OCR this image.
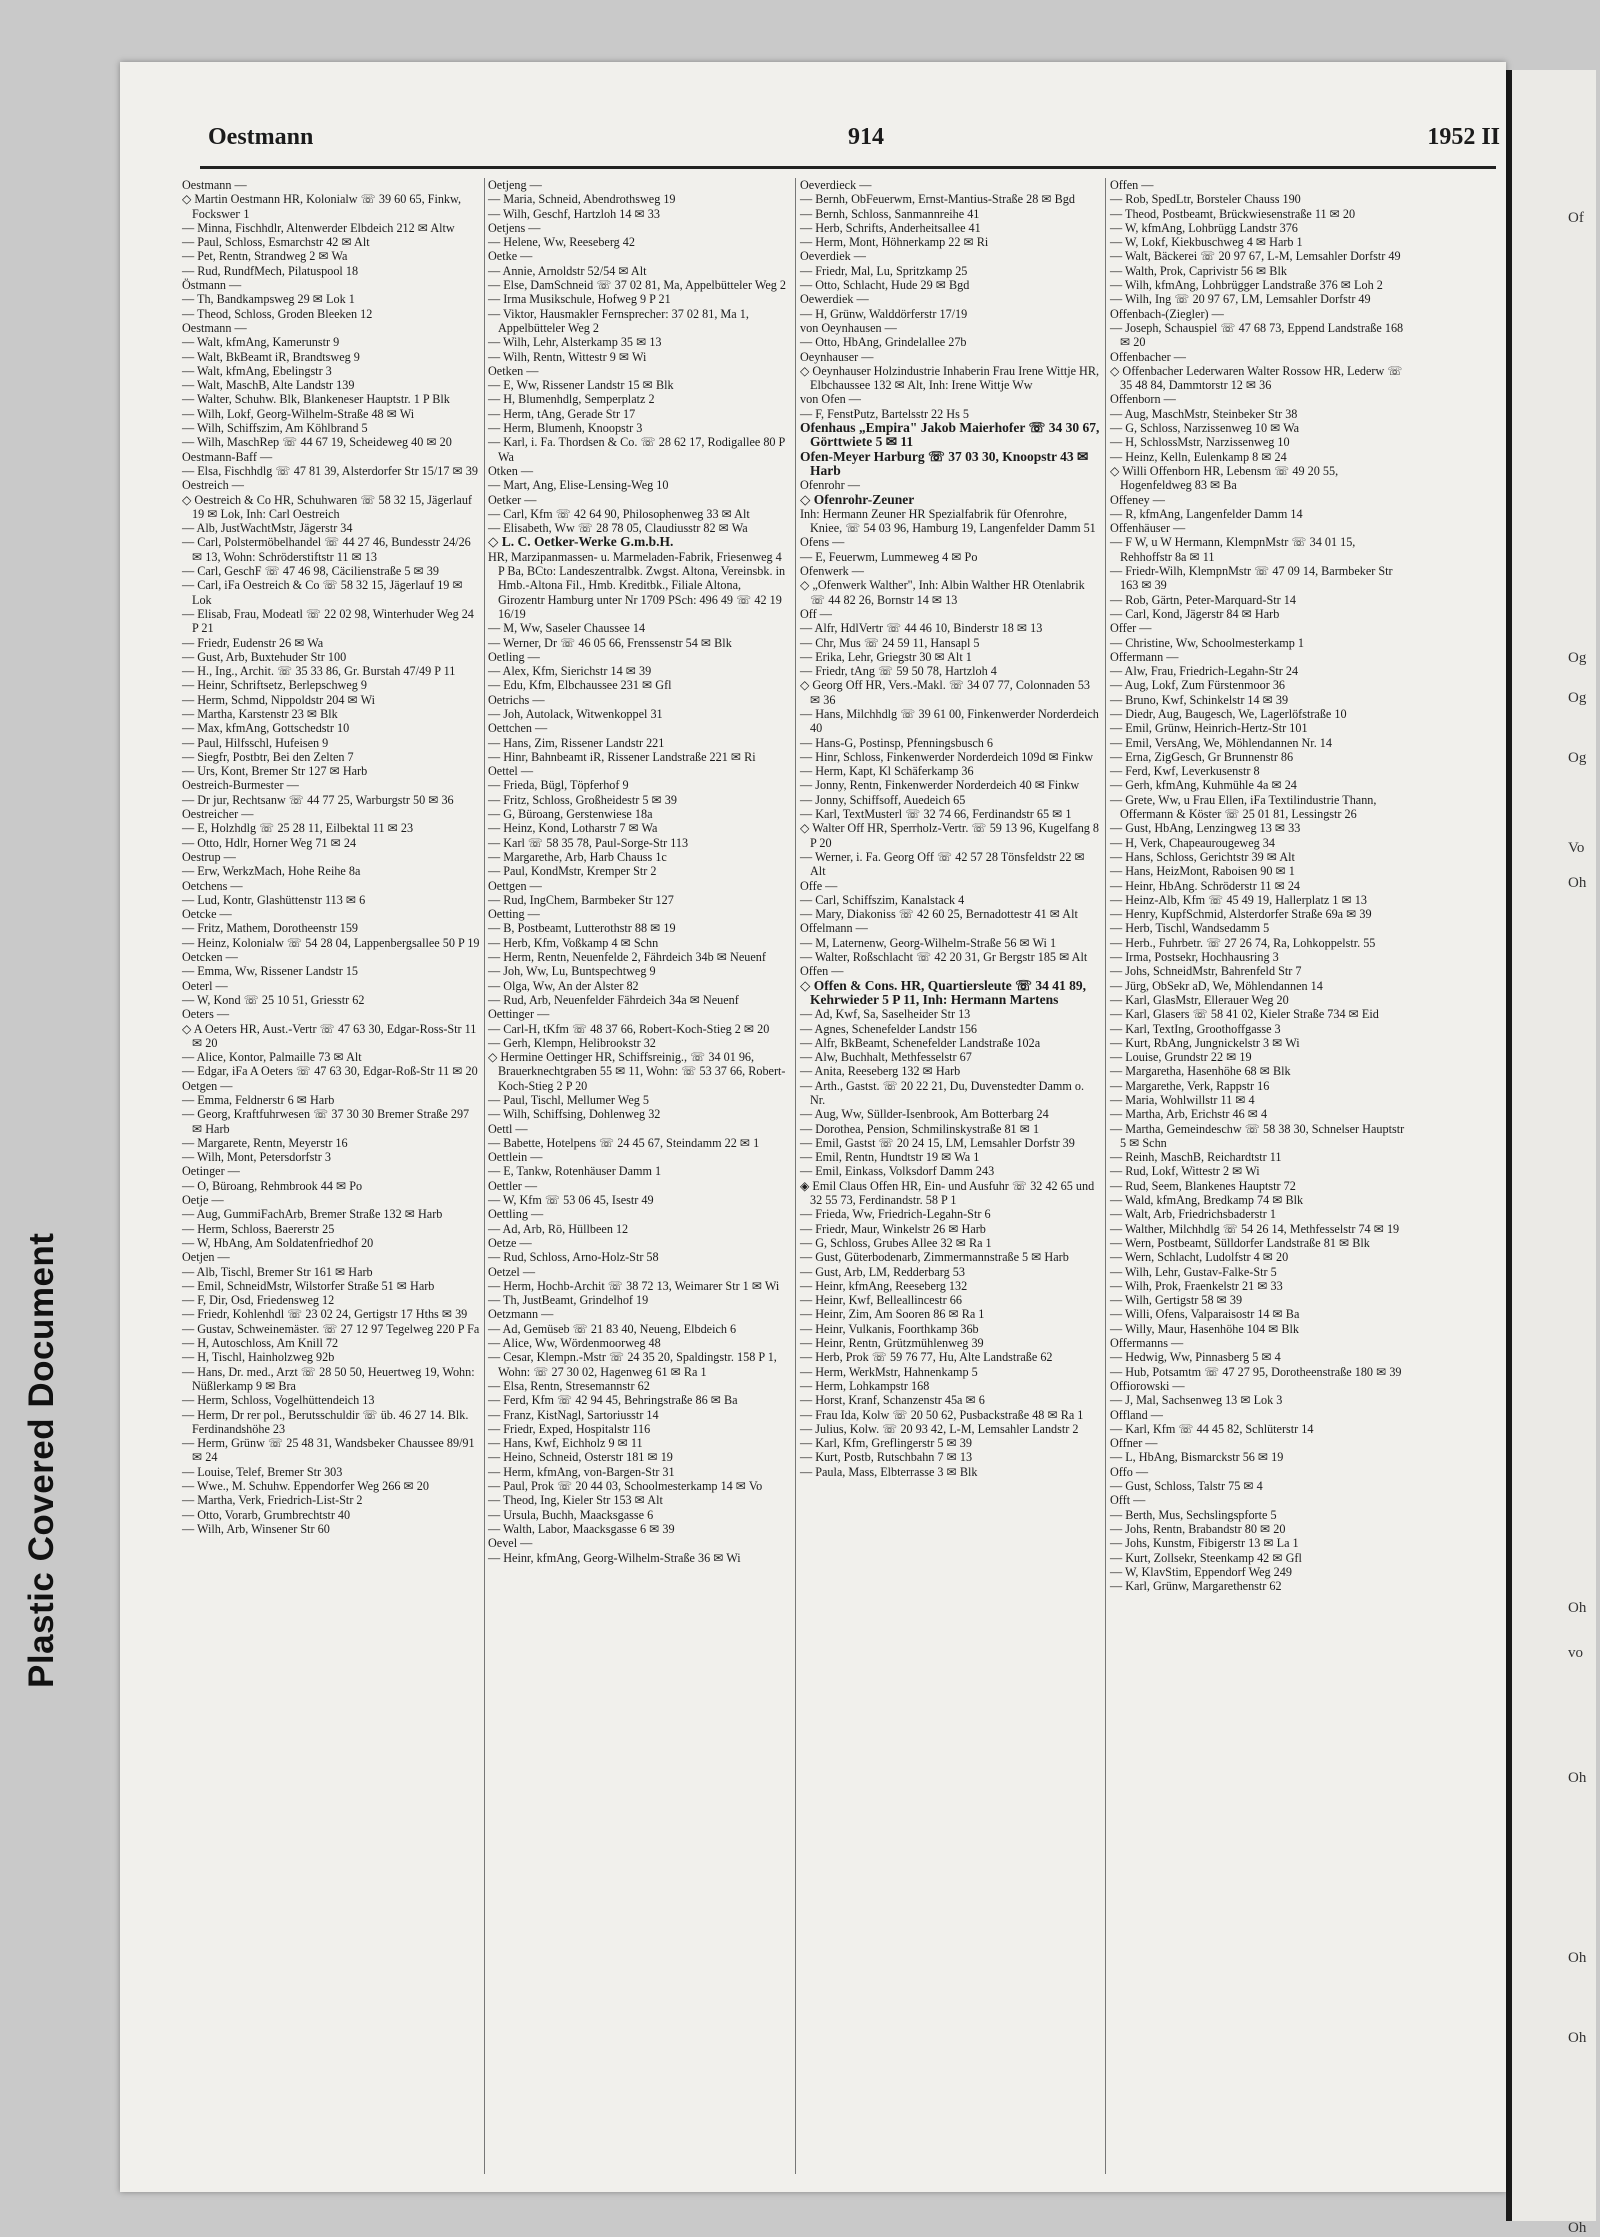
Plastic Covered Document
Of
Og
Og
Og
Vo
Oh
Oh
vo
Oh
Oh
Oh
Oh
Oestmann	914	1952 II

Oestmann —

◇ Martin Oestmann HR, Kolonialw ☏ 39 60 65, Finkw, Fockswег 1

— Minna, Fischhdlr, Altenwerder Elbdeich 212 ✉ Altw

— Paul, Schloss, Esmarchstr 42 ✉ Alt

— Pet, Rentn, Strandweg 2 ✉ Wa

— Rud, RundfMech, Pilatuspool 18

Östmann —

— Th, Bandkampsweg 29 ✉ Lok 1

— Theod, Schloss, Groden Bleeken 12

Oestmann —

— Walt, kfmAng, Kamerunstr 9

— Walt, BkBeamt iR, Brandtsweg 9

— Walt, kfmAng, Ebelingstr 3

— Walt, MaschB, Alte Landstr 139

— Walter, Schuhw. Blk, Blankeneser Hauptstr. 1 P Blk

— Wilh, Lokf, Georg-Wilhelm-Straße 48 ✉ Wi

— Wilh, Schiffszim, Am Köhlbrand 5

— Wilh, MaschRep ☏ 44 67 19, Scheideweg 40 ✉ 20

Oestmann-Baff —

— Elsa, Fischhdlg ☏ 47 81 39, Alsterdorfer Str 15/17 ✉ 39

Oestreich —

◇ Oestreich & Co HR, Schuhwaren ☏ 58 32 15, Jägerlauf 19 ✉ Lok, Inh: Carl Oestreich

— Alb, JustWachtMstr, Jägerstr 34

— Carl, Polstermöbelhandel ☏ 44 27 46, Bundesstr 24/26 ✉ 13, Wohn: Schröderstiftstr 11 ✉ 13

— Carl, GeschF ☏ 47 46 98, Cäcilienstraße 5 ✉ 39

— Carl, iFa Oestreich & Co ☏ 58 32 15, Jägerlauf 19 ✉ Lok

— Elisab, Frau, Modeatl ☏ 22 02 98, Winterhuder Weg 24 P 21

— Friedr, Eudenstr 26 ✉ Wa

— Gust, Arb, Buxtehuder Str 100

— H., Ing., Archit. ☏ 35 33 86, Gr. Burstah 47/49 P 11

— Heinr, Schriftsetz, Berlepschweg 9

— Herm, Schmd, Nippoldstr 204 ✉ Wi

— Martha, Karstenstr 23 ✉ Blk

— Max, kfmAng, Gottschedstr 10

— Paul, Hilfsschl, Hufeisen 9

— Siegfr, Postbtr, Bei den Zelten 7

— Urs, Kont, Bremer Str 127 ✉ Harb

Oestreich-Burmester —

— Dr jur, Rechtsanw ☏ 44 77 25, Warburgstr 50 ✉ 36

Oestreicher —

— E, Holzhdlg ☏ 25 28 11, Eilbektal 11 ✉ 23

— Otto, Hdlr, Horner Weg 71 ✉ 24

Oestrup —

— Erw, WerkzMach, Hohe Reihe 8a

Oetchens —

— Lud, Kontr, Glashüttenstr 113 ✉ 6

Oetcke —

— Fritz, Mathem, Dorotheenstr 159

— Heinz, Kolonialw ☏ 54 28 04, Lappenbergsallee 50 P 19

Oetcken —

— Emma, Ww, Rissener Landstr 15

Oeterl —

— W, Kond ☏ 25 10 51, Griesstr 62

Oeters —

◇ A Oeters HR, Aust.-Vertr ☏ 47 63 30, Edgar-Ross-Str 11 ✉ 20

— Alice, Kontor, Palmaille 73 ✉ Alt

— Edgar, iFa A Oeters ☏ 47 63 30, Edgar-Roß-Str 11 ✉ 20

Oetgen —

— Emma, Feldnerstr 6 ✉ Harb

— Georg, Kraftfuhrwesen ☏ 37 30 30 Bremer Straße 297 ✉ Harb

— Margarete, Rentn, Meyerstr 16

— Wilh, Mont, Petersdorfstr 3

Oetinger —

— O, Büroang, Rehmbrook 44 ✉ Po

Oetje —

— Aug, GummiFachArb, Bremer Straße 132 ✉ Harb

— Herm, Schloss, Baererstr 25

— W, HbAng, Am Soldatenfriedhof 20

Oetjen —

— Alb, Tischl, Bremer Str 161 ✉ Harb

— Emil, SchneidMstr, Wilstorfer Straße 51 ✉ Harb

— F, Dir, Osd, Friedensweg 12

— Friedr, Kohlenhdl ☏ 23 02 24, Gertigstr 17 Hths ✉ 39

— Gustav, Schweinemäster. ☏ 27 12 97 Tegelweg 220 P Fa

— H, Autoschloss, Am Knill 72

— H, Tischl, Hainholzweg 92b

— Hans, Dr. med., Arzt ☏ 28 50 50, Heuertweg 19, Wohn: Nüßlerkamp 9 ✉ Bra

— Herm, Schloss, Vogelhüttendeich 13

— Herm, Dr rer pol., Berutsschuldir ☏ üb. 46 27 14. Blk. Ferdinandshöhe 23

— Herm, Grünw ☏ 25 48 31, Wandsbeker Chaussee 89/91 ✉ 24

— Louise, Telef, Bremer Str 303

— Wwe., M. Schuhw. Eppendorfer Weg 266 ✉ 20

— Martha, Verk, Friedrich-List-Str 2

— Otto, Vorarb, Grumbrechtstr 40

— Wilh, Arb, Winsener Str 60

Oetjeng —

— Maria, Schneid, Abendrothsweg 19

— Wilh, Geschf, Hartzloh 14 ✉ 33

Oetjens —

— Helene, Ww, Reeseberg 42

Oetke —

— Annie, Arnoldstr 52/54 ✉ Alt

— Else, DamSchneid ☏ 37 02 81, Ma, Appelbütteler Weg 2

— Irma Musikschule, Hofweg 9 P 21

— Viktor, Hausmakler Fernsprecher: 37 02 81, Ma 1, Appelbütteler Weg 2

— Wilh, Lehr, Alsterkamp 35 ✉ 13

— Wilh, Rentn, Wittestr 9 ✉ Wi

Oetken —

— E, Ww, Rissener Landstr 15 ✉ Blk

— H, Blumenhdlg, Semperplatz 2

— Herm, tAng, Gerade Str 17

— Herm, Blumenh, Knoopstr 3

— Karl, i. Fa. Thordsen & Co. ☏ 28 62 17, Rodigallee 80 P Wa

Otken —

— Mart, Ang, Elise-Lensing-Weg 10

Oetker —

— Carl, Kfm ☏ 42 64 90, Philosophenweg 33 ✉ Alt

— Elisabeth, Ww ☏ 28 78 05, Claudiusstr 82 ✉ Wa

◇ L. C. Oetker-Werke G.m.b.H.

HR, Marzipanmassen- u. Marmeladen-Fabrik, Friesenweg 4 P Ba, BCto: Landeszentralbk. Zwgst. Altona, Vereinsbk. in Hmb.-Altona Fil., Hmb. Kreditbk., Filiale Altona, Girozentr Hamburg unter Nr 1709 PSch: 496 49 ☏ 42 19 16/19

— M, Ww, Saseler Chaussee 14

— Werner, Dr ☏ 46 05 66, Frenssenstr 54 ✉ Blk

Oetling —

— Alex, Kfm, Sierichstr 14 ✉ 39

— Edu, Kfm, Elbchaussee 231 ✉ Gfl

Oetrichs —

— Joh, Autolack, Witwenkoppel 31

Oettchen —

— Hans, Zim, Rissener Landstr 221

— Hinr, Bahnbeamt iR, Rissener Landstraße 221 ✉ Ri

Oettel —

— Frieda, Bügl, Töpferhof 9

— Fritz, Schloss, Großheidestr 5 ✉ 39

— G, Büroang, Gerstenwiese 18a

— Heinz, Kond, Lotharstr 7 ✉ Wa

— Karl ☏ 58 35 78, Paul-Sorge-Str 113

— Margarethe, Arb, Harb Chauss 1c

— Paul, KondMstr, Kremper Str 2

Oettgen —

— Rud, IngChem, Barmbeker Str 127

Oetting —

— B, Postbeamt, Lutterothstr 88 ✉ 19

— Herb, Kfm, Voßkamp 4 ✉ Schn

— Herm, Rentn, Neuenfelde 2, Fährdeich 34b ✉ Neuenf

— Joh, Ww, Lu, Buntspechtweg 9

— Olga, Ww, An der Alster 82

— Rud, Arb, Neuenfelder Fährdeich 34a ✉ Neuenf

Oettinger —

— Carl-H, tKfm ☏ 48 37 66, Robert-Koch-Stieg 2 ✉ 20

— Gerh, Klempn, Helibrookstr 32

◇ Hermine Oettinger HR, Schiffsreinig., ☏ 34 01 96, Brauerknechtgraben 55 ✉ 11, Wohn: ☏ 53 37 66, Robert-Koch-Stieg 2 P 20

— Paul, Tischl, Mellumer Weg 5

— Wilh, Schiffsing, Dohlenweg 32

Oettl —

— Babette, Hotelpens ☏ 24 45 67, Steindamm 22 ✉ 1

Oettlein —

— E, Tankw, Rotenhäuser Damm 1

Oettler —

— W, Kfm ☏ 53 06 45, Isestr 49

Oettling —

— Ad, Arb, Rö, Hüllbeen 12

Oetze —

— Rud, Schloss, Arno-Holz-Str 58

Oetzel —

— Herm, Hochb-Archit ☏ 38 72 13, Weimarer Str 1 ✉ Wi

— Th, JustBeamt, Grindelhof 19

Oetzmann —

— Ad, Gemüseb ☏ 21 83 40, Neueng, Elbdeich 6

— Alice, Ww, Wördenmoorweg 48

— Cesar, Klempn.-Mstr ☏ 24 35 20, Spaldingstr. 158 P 1, Wohn: ☏ 27 30 02, Hagenweg 61 ✉ Ra 1

— Elsa, Rentn, Stresemannstr 62

— Ferd, Kfm ☏ 42 94 45, Behringstraße 86 ✉ Ba

— Franz, KistNagl, Sartoriusstr 14

— Friedr, Exped, Hospitalstr 116

— Hans, Kwf, Eichholz 9 ✉ 11

— Heino, Schneid, Osterstr 181 ✉ 19

— Herm, kfmAng, von-Bargen-Str 31

— Paul, Prok ☏ 20 44 03, Schoolmesterkamp 14 ✉ Vo

— Theod, Ing, Kieler Str 153 ✉ Alt

— Ursula, Buchh, Maacksgasse 6

— Walth, Labor, Maacksgasse 6 ✉ 39

Oevel —

— Heinr, kfmAng, Georg-Wilhelm-Straße 36 ✉ Wi

Oeverdieck —

— Bernh, ObFeuerwm, Ernst-Mantius-Straße 28 ✉ Bgd

— Bernh, Schloss, Sanmannreihe 41

— Herb, Schrifts, Anderheitsallee 41

— Herm, Mont, Höhnerkamp 22 ✉ Ri

Oeverdiek —

— Friedr, Mal, Lu, Spritzkamp 25

— Otto, Schlacht, Hude 29 ✉ Bgd

Oewerdiek —

— H, Grünw, Walddörferstr 17/19

von Oeynhausen —

— Otto, HbAng, Grindelallee 27b

Oeynhauser —

◇ Oeynhauser Holzindustrie Inhaberin Frau Irene Wittje HR, Elbchaussee 132 ✉ Alt, Inh: Irene Wittje Ww

von Ofen —

— F, FenstPutz, Bartelsstr 22 Hs 5

Ofenhaus „Empira" Jakob Maierhofer ☏ 34 30 67, Görttwiete 5 ✉ 11

Ofen-Meyer Harburg ☏ 37 03 30, Knoopstr 43 ✉ Harb

Ofenrohr —

◇ Ofenrohr-Zeuner

Inh: Hermann Zeuner HR Spezialfabrik für Ofenrohre, Kniee, ☏ 54 03 96, Hamburg 19, Langenfelder Damm 51

Ofens —

— E, Feuerwm, Lummeweg 4 ✉ Po

Ofenwerk —

◇ „Ofenwerk Walther", Inh: Albin Walther HR Otenlabrik ☏ 44 82 26, Bornstr 14 ✉ 13

Off —

— Alfr, HdlVertr ☏ 44 46 10, Binderstr 18 ✉ 13

— Chr, Mus ☏ 24 59 11, Hansapl 5

— Erika, Lehr, Griegstr 30 ✉ Alt 1

— Friedr, tAng ☏ 59 50 78, Hartzloh 4

◇ Georg Off HR, Vers.-Makl. ☏ 34 07 77, Colonnaden 53 ✉ 36

— Hans, Milchhdlg ☏ 39 61 00, Finkenwerder Norderdeich 40

— Hans-G, Postinsp, Pfenningsbusch 6

— Hinr, Schloss, Finkenwerder Norderdeich 109d ✉ Finkw

— Herm, Kapt, Kl Schäferkamp 36

— Jonny, Rentn, Finkenwerder Norderdeich 40 ✉ Finkw

— Jonny, Schiffsoff, Auedeich 65

— Karl, TextMusterl ☏ 32 74 66, Ferdinandstr 65 ✉ 1

◇ Walter Off HR, Sperrholz-Vertr. ☏ 59 13 96, Kugelfang 8 P 20

— Werner, i. Fa. Georg Off ☏ 42 57 28 Tönsfeldstr 22 ✉ Alt

Offe —

— Carl, Schiffszim, Kanalstack 4

— Mary, Diakoniss ☏ 42 60 25, Bernadottestr 41 ✉ Alt

Offelmann —

— M, Laternenw, Georg-Wilhelm-Straße 56 ✉ Wi 1

— Walter, Roßschlacht ☏ 42 20 31, Gr Bergstr 185 ✉ Alt

Offen —

◇ Offen & Cons. HR, Quartiersleute ☏ 34 41 89, Kehrwieder 5 P 11, Inh: Hermann Martens

— Ad, Kwf, Sa, Saselheider Str 13

— Agnes, Schenefelder Landstr 156

— Alfr, BkBeamt, Schenefelder Landstraße 102a

— Alw, Buchhalt, Methfesselstr 67

— Anita, Reeseberg 132 ✉ Harb

— Arth., Gastst. ☏ 20 22 21, Du, Duvenstedter Damm o. Nr.

— Aug, Ww, Süllder-Isenbrook, Am Botterbarg 24

— Dorothea, Pension, Schmilinskystraße 81 ✉ 1

— Emil, Gastst ☏ 20 24 15, LM, Lemsahler Dorfstr 39

— Emil, Rentn, Hundtstr 19 ✉ Wa 1

— Emil, Einkass, Volksdorf Damm 243

◈ Emil Claus Offen HR, Ein- und Ausfuhr ☏ 32 42 65 und 32 55 73, Ferdinandstr. 58 P 1

— Frieda, Ww, Friedrich-Legahn-Str 6

— Friedr, Maur, Winkelstr 26 ✉ Harb

— G, Schloss, Grubes Allee 32 ✉ Ra 1

— Gust, Güterbodenarb, Zimmermannstraße 5 ✉ Harb

— Gust, Arb, LM, Redderbarg 53

— Heinr, kfmAng, Reeseberg 132

— Heinr, Kwf, Belleallincestr 66

— Heinr, Zim, Am Sooren 86 ✉ Ra 1

— Heinr, Vulkanis, Foorthkamp 36b

— Heinr, Rentn, Grützmühlenweg 39

— Herb, Prok ☏ 59 76 77, Hu, Alte Landstraße 62

— Herm, WerkMstr, Hahnenkamp 5

— Herm, Lohkampstr 168

— Horst, Kranf, Schanzenstr 45a ✉ 6

— Frau Ida, Kolw ☏ 20 50 62, Pusbackstraße 48 ✉ Ra 1

— Julius, Kolw. ☏ 20 93 42, L-M, Lemsahler Landstr 2

— Karl, Kfm, Greflingerstr 5 ✉ 39

— Kurt, Postb, Rutschbahn 7 ✉ 13

— Paula, Mass, Elbterrasse 3 ✉ Blk

Offen —

— Rob, SpedLtr, Borsteler Chauss 190

— Theod, Postbeamt, Brückwiesenstraße 11 ✉ 20

— W, kfmAng, Lohbrügg Landstr 376

— W, Lokf, Kiekbuschweg 4 ✉ Harb 1

— Walt, Bäckerei ☏ 20 97 67, L-M, Lemsahler Dorfstr 49

— Walth, Prok, Caprivistr 56 ✉ Blk

— Wilh, kfmAng, Lohbrügger Landstraße 376 ✉ Loh 2

— Wilh, Ing ☏ 20 97 67, LM, Lemsahler Dorfstr 49

Offenbach-(Ziegler) —

— Joseph, Schauspiel ☏ 47 68 73, Eppend Landstraße 168 ✉ 20

Offenbacher —

◇ Offenbacher Lederwaren Walter Rossow HR, Lederw ☏ 35 48 84, Dammtorstr 12 ✉ 36

Offenborn —

— Aug, MaschMstr, Steinbeker Str 38

— G, Schloss, Narzissenweg 10 ✉ Wa

— H, SchlossMstr, Narzissenweg 10

— Heinz, Kelln, Eulenkamp 8 ✉ 24

◇ Willi Offenborn HR, Lebensm ☏ 49 20 55, Hogenfeldweg 83 ✉ Ba

Offeney —

— R, kfmAng, Langenfelder Damm 14

Offenhäuser —

— F W, u W Hermann, KlempnMstr ☏ 34 01 15, Rehhoffstr 8a ✉ 11

— Friedr-Wilh, KlempnMstr ☏ 47 09 14, Barmbeker Str 163 ✉ 39

— Rob, Gärtn, Peter-Marquard-Str 14

— Carl, Kond, Jägerstr 84 ✉ Harb

Offer —

— Christine, Ww, Schoolmesterkamp 1

Offermann —

— Alw, Frau, Friedrich-Legahn-Str 24

— Aug, Lokf, Zum Fürstenmoor 36

— Bruno, Kwf, Schinkelstr 14 ✉ 39

— Diedr, Aug, Baugesch, We, Lagerlöfstraße 10

— Emil, Grünw, Heinrich-Hertz-Str 101

— Emil, VersAng, We, Möhlendannen Nr. 14

— Erna, ZigGesch, Gr Brunnenstr 86

— Ferd, Kwf, Leverkusenstr 8

— Gerh, kfmAng, Kuhmühle 4a ✉ 24

— Grete, Ww, u Frau Ellen, iFa Textilindustrie Thann, Offermann & Köster ☏ 25 01 81, Lessingstr 26

— Gust, HbAng, Lenzingweg 13 ✉ 33

— H, Verk, Chapeaurougeweg 34

— Hans, Schloss, Gerichtstr 39 ✉ Alt

— Hans, HeizMont, Raboisen 90 ✉ 1

— Heinr, HbAng. Schröderstr 11 ✉ 24

— Heinz-Alb, Kfm ☏ 45 49 19, Hallerplatz 1 ✉ 13

— Henry, KupfSchmid, Alsterdorfer Straße 69a ✉ 39

— Herb, Tischl, Wandsedamm 5

— Herb., Fuhrbetr. ☏ 27 26 74, Ra, Lohkoppelstr. 55

— Irma, Postsekr, Hochhausring 3

— Johs, SchneidMstr, Bahrenfeld Str 7

— Jürg, ObSekr aD, We, Möhlendannen 14

— Karl, GlasMstr, Ellerauer Weg 20

— Karl, Glasers ☏ 58 41 02, Kieler Straße 734 ✉ Eid

— Karl, TextIng, Groothoffgasse 3

— Kurt, RbAng, Jungnickelstr 3 ✉ Wi

— Louise, Grundstr 22 ✉ 19

— Margaretha, Hasenhöhe 68 ✉ Blk

— Margarethe, Verk, Rappstr 16

— Maria, Wohlwillstr 11 ✉ 4

— Martha, Arb, Erichstr 46 ✉ 4

— Martha, Gemeindeschw ☏ 58 38 30, Schnelser Hauptstr 5 ✉ Schn

— Reinh, MaschB, Reichardtstr 11

— Rud, Lokf, Wittestr 2 ✉ Wi

— Rud, Seem, Blankenes Hauptstr 72

— Wald, kfmAng, Bredkamp 74 ✉ Blk

— Walt, Arb, Friedrichsbaderstr 1

— Walther, Milchhdlg ☏ 54 26 14, Methfesselstr 74 ✉ 19

— Wern, Postbeamt, Sülldorfer Landstraße 81 ✉ Blk

— Wern, Schlacht, Ludolfstr 4 ✉ 20

— Wilh, Lehr, Gustav-Falke-Str 5

— Wilh, Prok, Fraenkelstr 21 ✉ 33

— Wilh, Gertigstr 58 ✉ 39

— Willi, Ofens, Valparaisostr 14 ✉ Ba

— Willy, Maur, Hasenhöhe 104 ✉ Blk

Offermanns —

— Hedwig, Ww, Pinnasberg 5 ✉ 4

— Hub, Potsamtm ☏ 47 27 95, Dorotheenstraße 180 ✉ 39

Offiorowski —

— J, Mal, Sachsenweg 13 ✉ Lok 3

Offland —

— Karl, Kfm ☏ 44 45 82, Schlüterstr 14

Offner —

— L, HbAng, Bismarckstr 56 ✉ 19

Offo —

— Gust, Schloss, Talstr 75 ✉ 4

Offt —

— Berth, Mus, Sechslingspforte 5

— Johs, Rentn, Brabandstr 80 ✉ 20

— Johs, Kunstm, Fibigerstr 13 ✉ La 1

— Kurt, Zollsekr, Steenkamp 42 ✉ Gfl

— W, KlavStim, Eppendorf Weg 249

— Karl, Grünw, Margarethenstr 62
